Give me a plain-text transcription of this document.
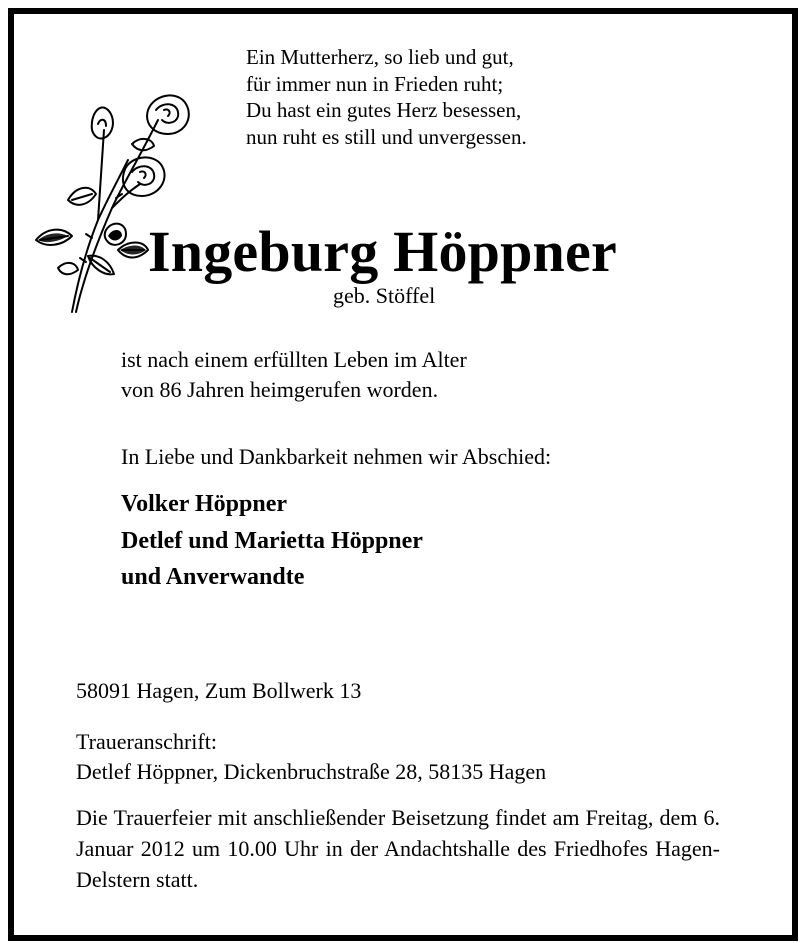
Ein Mutterherz, so lieb und gut,
für immer nun in Frieden ruht;
Du hast ein gutes Herz besessen,
nun ruht es still und unvergessen.
Ingeburg Höppner
geb. Stöffel
ist nach einem erfüllten Leben im Alter
von 86 Jahren heimgerufen worden.
In Liebe und Dankbarkeit nehmen wir Abschied:
Volker Höppner
Detlef und Marietta Höppner
und Anverwandte
58091 Hagen, Zum Bollwerk 13
Traueranschrift:
Detlef Höppner, Dickenbruchstraße 28, 58135 Hagen
Die Trauerfeier mit anschließender Beisetzung findet am Freitag, dem 6. Januar 2012 um 10.00 Uhr in der Andachtshalle des Friedhofes Hagen-Delstern statt.
